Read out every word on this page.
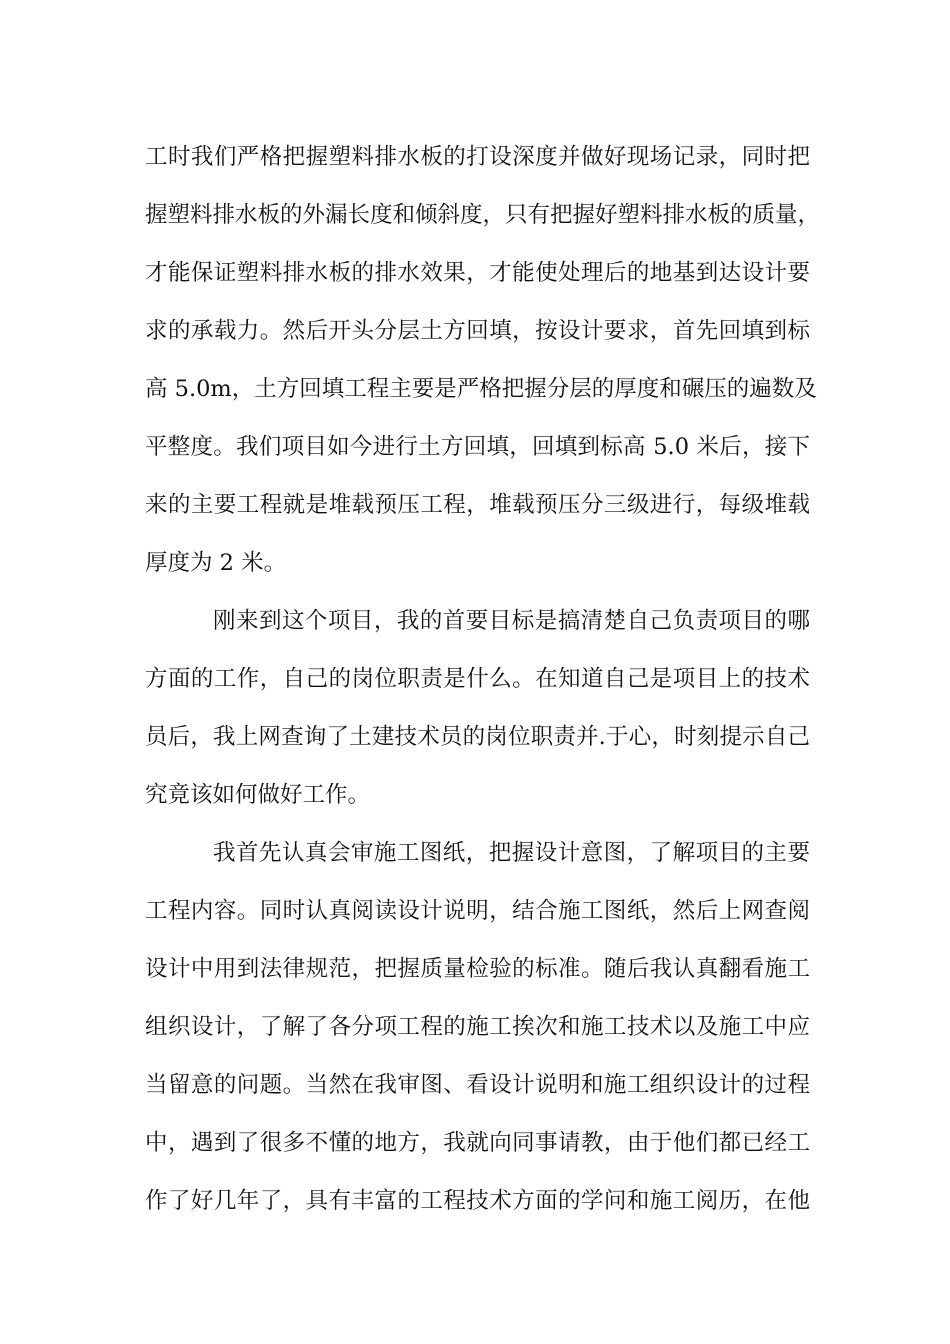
工时我们严格把握塑料排水板的打设深度并做好现场记录，同时把
握塑料排水板的外漏长度和倾斜度，只有把握好塑料排水板的质量，
才能保证塑料排水板的排水效果，才能使处理后的地基到达设计要
求的承载力。然后开头分层土方回填，按设计要求，首先回填到标
高 5.0m，土方回填工程主要是严格把握分层的厚度和碾压的遍数及
平整度。我们项目如今进行土方回填，回填到标高 5.0 米后，接下
来的主要工程就是堆载预压工程，堆载预压分三级进行，每级堆载
厚度为 2 米。
刚来到这个项目，我的首要目标是搞清楚自己负责项目的哪
方面的工作，自己的岗位职责是什么。在知道自己是项目上的技术
员后，我上网查询了土建技术员的岗位职责并.于心，时刻提示自己
究竟该如何做好工作。
我首先认真会审施工图纸，把握设计意图，了解项目的主要
工程内容。同时认真阅读设计说明，结合施工图纸，然后上网查阅
设计中用到法律规范，把握质量检验的标准。随后我认真翻看施工
组织设计，了解了各分项工程的施工挨次和施工技术以及施工中应
当留意的问题。当然在我审图、看设计说明和施工组织设计的过程
中，遇到了很多不懂的地方，我就向同事请教，由于他们都已经工
作了好几年了，具有丰富的工程技术方面的学问和施工阅历，在他
